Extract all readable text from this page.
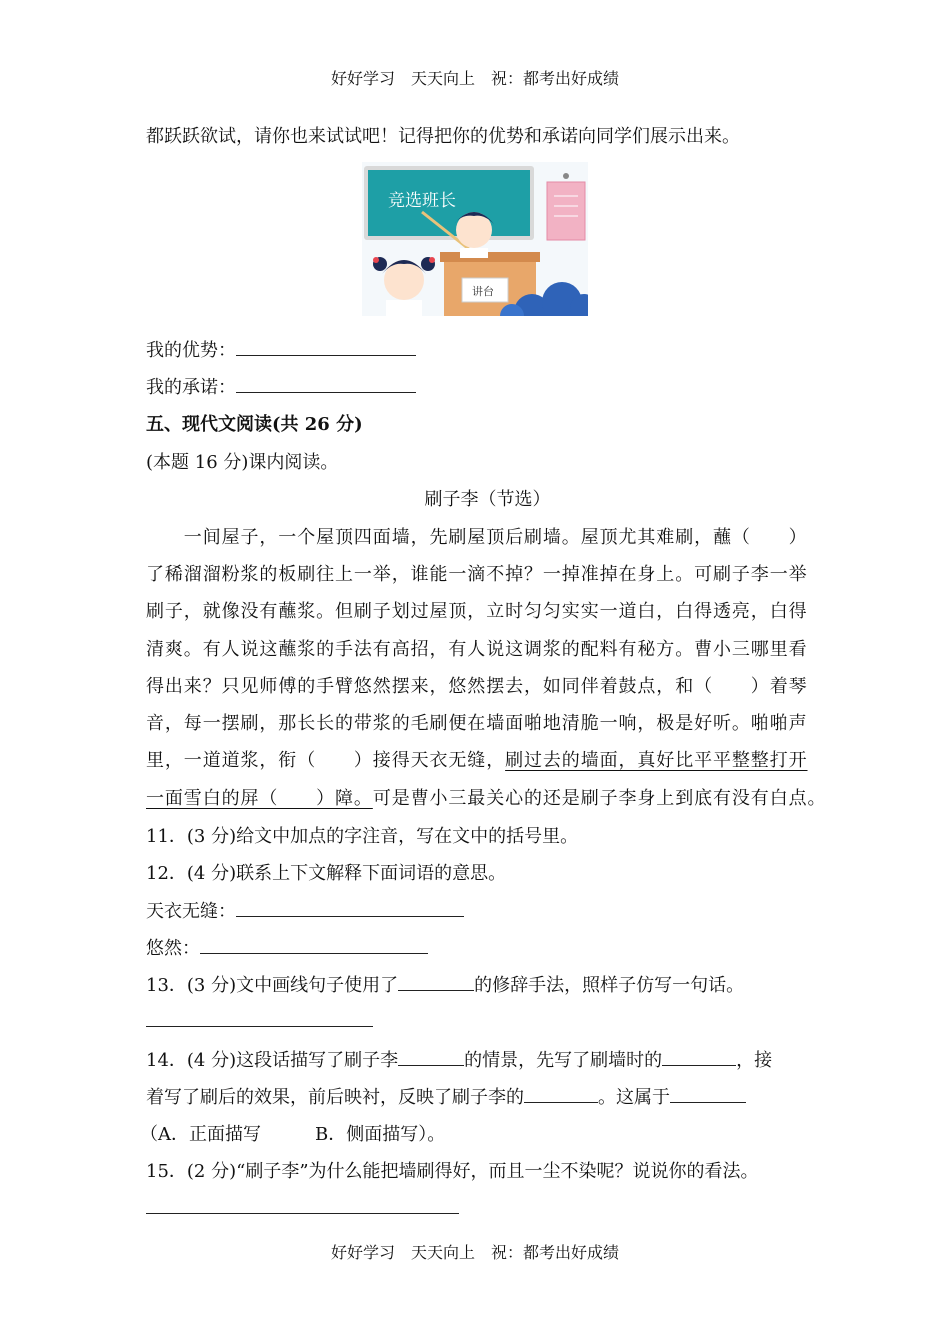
好好学习　天天向上　祝：都考出好成绩
都跃跃欲试，请你也来试试吧！记得把你的优势和承诺向同学们展示出来。
竞选班长
讲台
我的优势：
我的承诺：
五、现代文阅读(共 26 分)
(本题 16 分)课内阅读。
刷子李（节选）
　　一间屋子，一个屋顶四面墙，先刷屋顶后刷墙。屋顶尤其难刷，蘸（　　）
了稀溜溜粉浆的板刷往上一举，谁能一滴不掉？一掉准掉在身上。可刷子李一举
刷子，就像没有蘸浆。但刷子划过屋顶，立时匀匀实实一道白，白得透亮，白得
清爽。有人说这蘸浆的手法有高招，有人说这调浆的配料有秘方。曹小三哪里看
得出来？只见师傅的手臂悠然摆来，悠然摆去，如同伴着鼓点，和（　　）着琴
音，每一摆刷，那长长的带浆的毛刷便在墙面啪地清脆一响，极是好听。啪啪声
里，一道道浆，衔（　　）接得天衣无缝，刷过去的墙面，真好比平平整整打开
一面雪白的屏（　　）障。可是曹小三最关心的还是刷子李身上到底有没有白点。
11．(3 分)给文中加点的字注音，写在文中的括号里。
12．(4 分)联系上下文解释下面词语的意思。
天衣无缝：
悠然：
13．(3 分)文中画线句子使用了	的修辞手法，照样子仿写一句话。
14．(4 分)这段话描写了刷子李	的情景，先写了刷墙时的	，接
着写了刷后的效果，前后映衬，反映了刷子李的	。这属于
（A．正面描写　　　B．侧面描写）。
15．(2 分)“刷子李”为什么能把墙刷得好，而且一尘不染呢？说说你的看法。
好好学习　天天向上　祝：都考出好成绩
